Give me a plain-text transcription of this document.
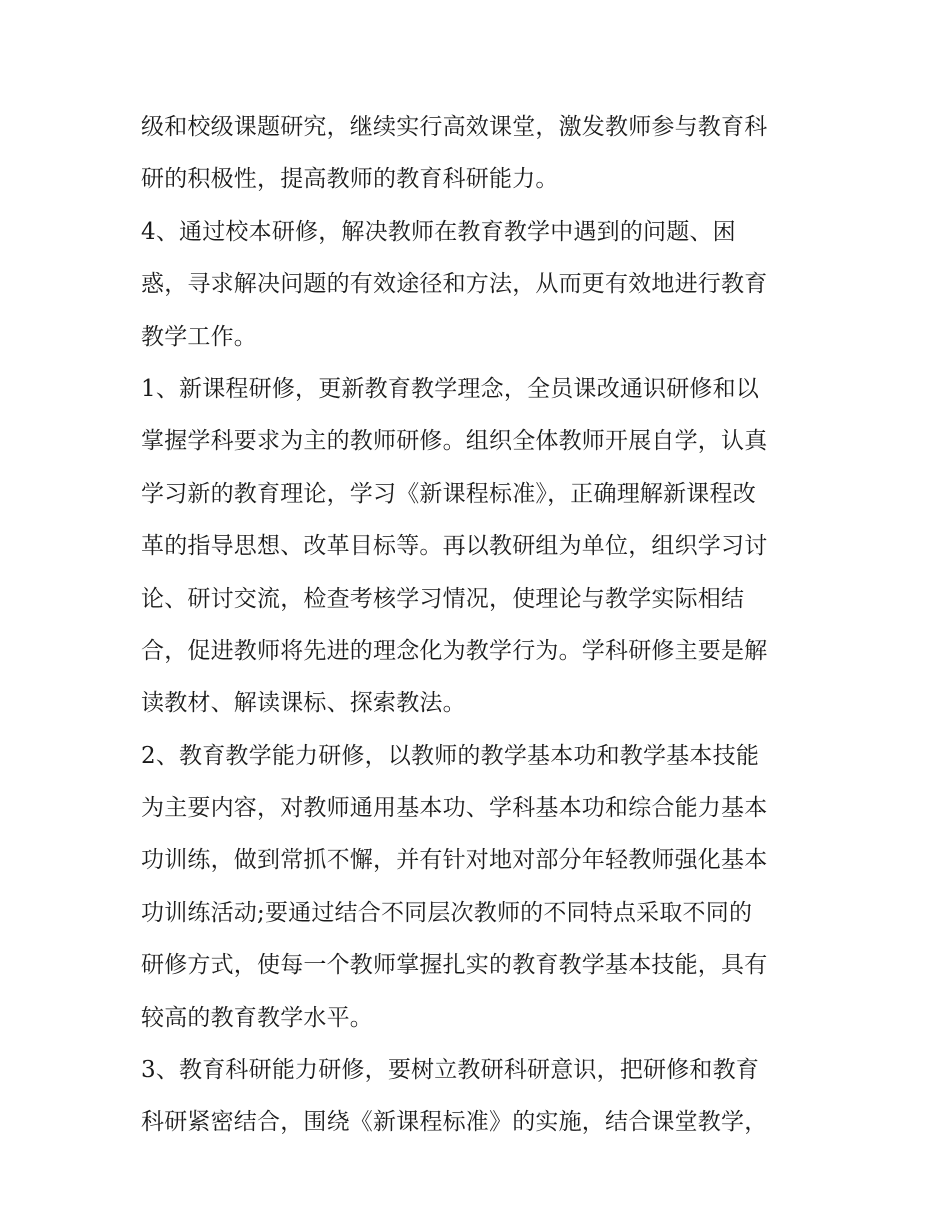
级和校级课题研究，继续实行高效课堂，激发教师参与教育科
研的积极性，提高教师的教育科研能力。
4、通过校本研修，解决教师在教育教学中遇到的问题、困
惑，寻求解决问题的有效途径和方法，从而更有效地进行教育
教学工作。
1、新课程研修，更新教育教学理念，全员课改通识研修和以
掌握学科要求为主的教师研修。组织全体教师开展自学，认真
学习新的教育理论，学习《新课程标准》，正确理解新课程改
革的指导思想、改革目标等。再以教研组为单位，组织学习讨
论、研讨交流，检查考核学习情况，使理论与教学实际相结
合，促进教师将先进的理念化为教学行为。学科研修主要是解
读教材、解读课标、探索教法。
2、教育教学能力研修，以教师的教学基本功和教学基本技能
为主要内容，对教师通用基本功、学科基本功和综合能力基本
功训练，做到常抓不懈，并有针对地对部分年轻教师强化基本
功训练活动;要通过结合不同层次教师的不同特点采取不同的
研修方式，使每一个教师掌握扎实的教育教学基本技能，具有
较高的教育教学水平。
3、教育科研能力研修，要树立教研科研意识，把研修和教育
科研紧密结合，围绕《新课程标准》的实施，结合课堂教学，
